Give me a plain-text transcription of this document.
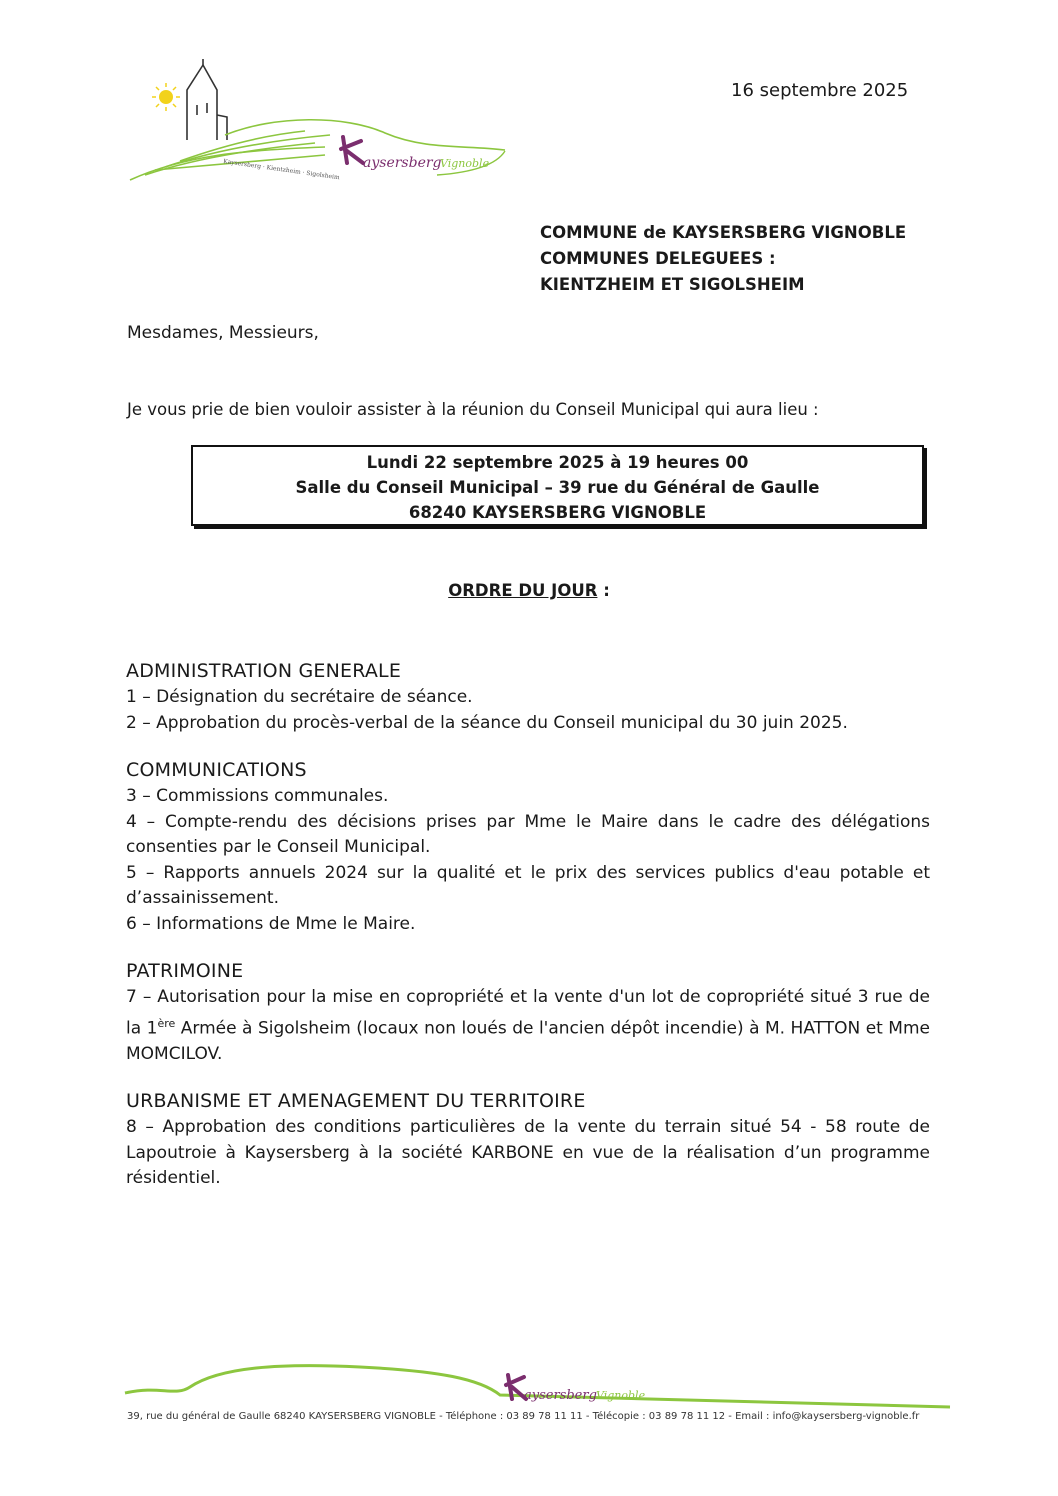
Kaysersberg · Kientzheim · Sigolsheim aysersberg
Vignoble
16 septembre 2025
COMMUNE de KAYSERSBERG VIGNOBLE
COMMUNES DELEGUEES :
KIENTZHEIM ET SIGOLSHEIM
Mesdames, Messieurs,
Je vous prie de bien vouloir assister à la réunion du Conseil Municipal qui aura lieu :
Lundi 22 septembre 2025 à 19 heures 00
Salle du Conseil Municipal – 39 rue du Général de Gaulle
68240 KAYSERSBERG VIGNOBLE
ORDRE DU JOUR :

ADMINISTRATION GENERALE

1 – Désignation du secrétaire de séance.

2 – Approbation du procès-verbal de la séance du Conseil municipal du 30 juin 2025.

COMMUNICATIONS

3 – Commissions communales.

4 – Compte-rendu des décisions prises par Mme le Maire dans le cadre des délégations consenties par le Conseil Municipal.

5 – Rapports annuels 2024 sur la qualité et le prix des services publics d'eau potable et d’assainissement.

6 – Informations de Mme le Maire.

PATRIMOINE

7 – Autorisation pour la mise en copropriété et la vente d'un lot de copropriété situé 3 rue de la 1ère Armée à Sigolsheim (locaux non loués de l'ancien dépôt incendie) à M. HATTON et Mme MOMCILOV.

URBANISME ET AMENAGEMENT DU TERRITOIRE

8 – Approbation des conditions particulières de la vente du terrain situé 54 - 58 route de Lapoutroie à Kaysersberg à la société KARBONE en vue de la réalisation d’un programme résidentiel.

aysersberg Vignoble
39, rue du général de Gaulle 68240 KAYSERSBERG VIGNOBLE - Téléphone : 03 89 78 11 11 - Télécopie : 03 89 78 11 12 - Email : info@kaysersberg-vignoble.fr
